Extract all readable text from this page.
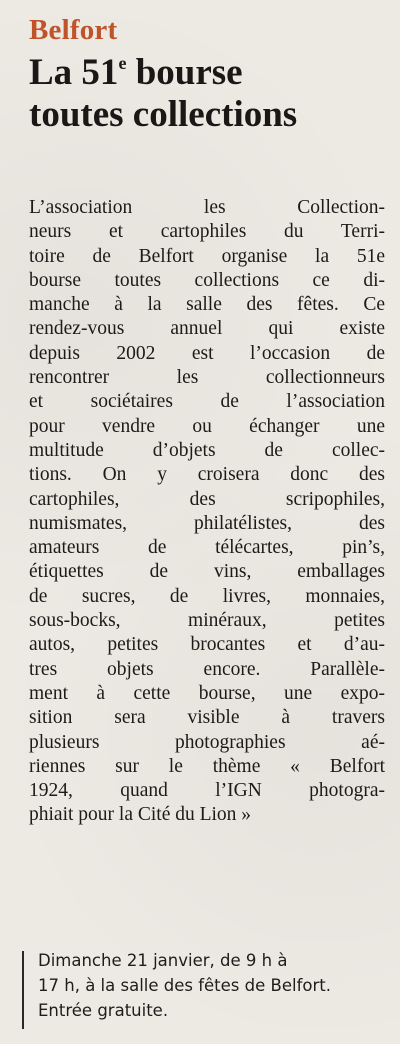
Belfort
La 51e bourse
toutes collections
L’association les Collection-
neurs et cartophiles du Terri-
toire de Belfort organise la 51e
bourse toutes collections ce di-
manche à la salle des fêtes. Ce
rendez-vous annuel qui existe
depuis 2002 est l’occasion de
rencontrer les collectionneurs
et sociétaires de l’association
pour vendre ou échanger une
multitude d’objets de collec-
tions. On y croisera donc des
cartophiles, des scripophiles,
numismates, philatélistes, des
amateurs de télécartes, pin’s,
étiquettes de vins, emballages
de sucres, de livres, monnaies,
sous-bocks, minéraux, petites
autos, petites brocantes et d’au-
tres objets encore. Parallèle-
ment à cette bourse, une expo-
sition sera visible à travers
plusieurs photographies aé-
riennes sur le thème « Belfort
1924, quand l’IGN photogra-
phiait pour la Cité du Lion »
Dimanche 21 janvier, de 9 h à
17 h, à la salle des fêtes de Belfort.
Entrée gratuite.
